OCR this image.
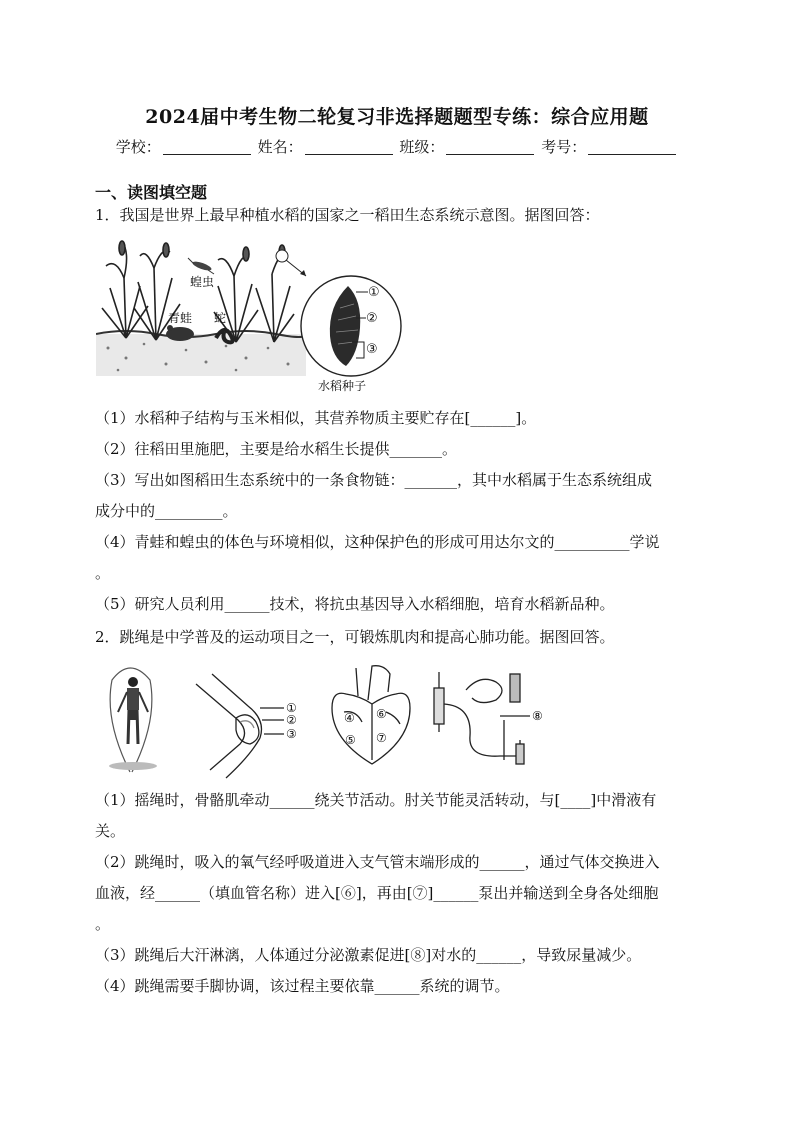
2024届中考生物二轮复习非选择题题型专练：综合应用题
学校：	姓名：	班级：	考号：
一、读图填空题
1．我国是世界上最早种植水稻的国家之一稻田生态系统示意图。据图回答：
蝗虫
青蛙 蛇
①
②
③
水稻种子
（1）水稻种子结构与玉米相似，其营养物质主要贮存在[______]。
（2）往稻田里施肥，主要是给水稻生长提供_______。
（3）写出如图稻田生态系统中的一条食物链：_______，其中水稻属于生态系统组成
成分中的_________。
（4）青蛙和蝗虫的体色与环境相似，这种保护色的形成可用达尔文的__________学说
。
（5）研究人员利用______技术，将抗虫基因导入水稻细胞，培育水稻新品种。
2．跳绳是中学普及的运动项目之一，可锻炼肌肉和提高心肺功能。据图回答。
①
②
③
④
⑤
⑥
⑦
⑧
（1）摇绳时，骨骼肌牵动______绕关节活动。肘关节能灵活转动，与[____]中滑液有
关。
（2）跳绳时，吸入的氧气经呼吸道进入支气管末端形成的______，通过气体交换进入
血液，经______（填血管名称）进入[⑥]，再由[⑦]______泵出并输送到全身各处细胞
。
（3）跳绳后大汗淋漓，人体通过分泌激素促进[⑧]对水的______，导致尿量减少。
（4）跳绳需要手脚协调，该过程主要依靠______系统的调节。
